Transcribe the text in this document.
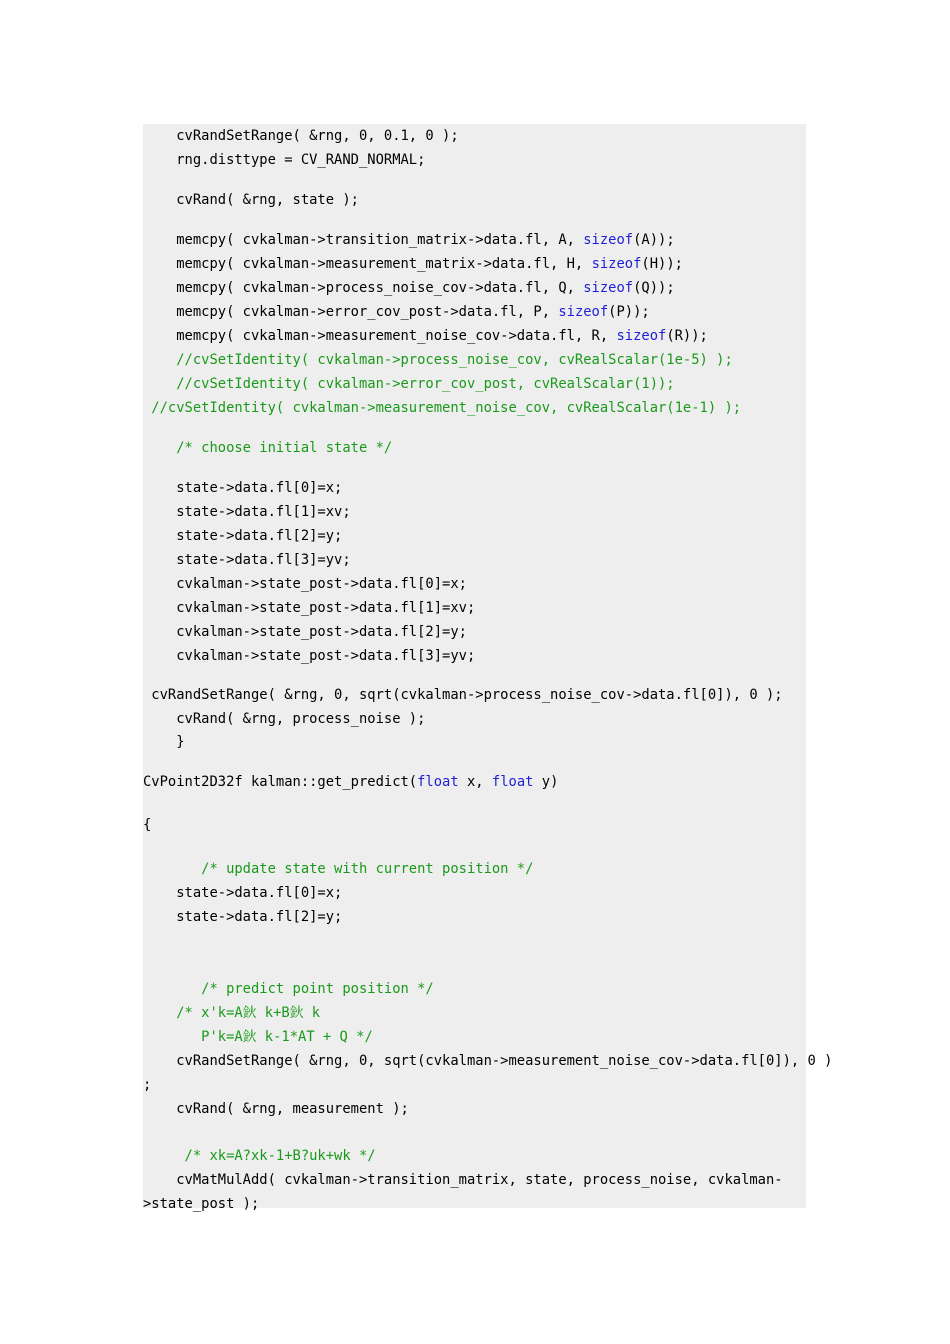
cvRandSetRange( &rng, 0, 0.1, 0 );
rng.disttype = CV_RAND_NORMAL;
cvRand( &rng, state );
memcpy( cvkalman->transition_matrix->data.fl, A, sizeof(A));
memcpy( cvkalman->measurement_matrix->data.fl, H, sizeof(H));
memcpy( cvkalman->process_noise_cov->data.fl, Q, sizeof(Q));
memcpy( cvkalman->error_cov_post->data.fl, P, sizeof(P));
memcpy( cvkalman->measurement_noise_cov->data.fl, R, sizeof(R));
//cvSetIdentity( cvkalman->process_noise_cov, cvRealScalar(1e-5) );
//cvSetIdentity( cvkalman->error_cov_post, cvRealScalar(1));
//cvSetIdentity( cvkalman->measurement_noise_cov, cvRealScalar(1e-1) );
/* choose initial state */
state->data.fl[0]=x;
state->data.fl[1]=xv;
state->data.fl[2]=y;
state->data.fl[3]=yv;
cvkalman->state_post->data.fl[0]=x;
cvkalman->state_post->data.fl[1]=xv;
cvkalman->state_post->data.fl[2]=y;
cvkalman->state_post->data.fl[3]=yv;
cvRandSetRange( &rng, 0, sqrt(cvkalman->process_noise_cov->data.fl[0]), 0 );
cvRand( &rng, process_noise );
}
CvPoint2D32f kalman::get_predict(float x, float y)
{
/* update state with current position */
state->data.fl[0]=x;
state->data.fl[2]=y;
/* predict point position */
/* x'k=A鈥 k+B鈥 k
P'k=A鈥 k-1*AT + Q */
cvRandSetRange( &rng, 0, sqrt(cvkalman->measurement_noise_cov->data.fl[0]), 0 )
;
cvRand( &rng, measurement );
/* xk=A?xk-1+B?uk+wk */
cvMatMulAdd( cvkalman->transition_matrix, state, process_noise, cvkalman-
>state_post );
